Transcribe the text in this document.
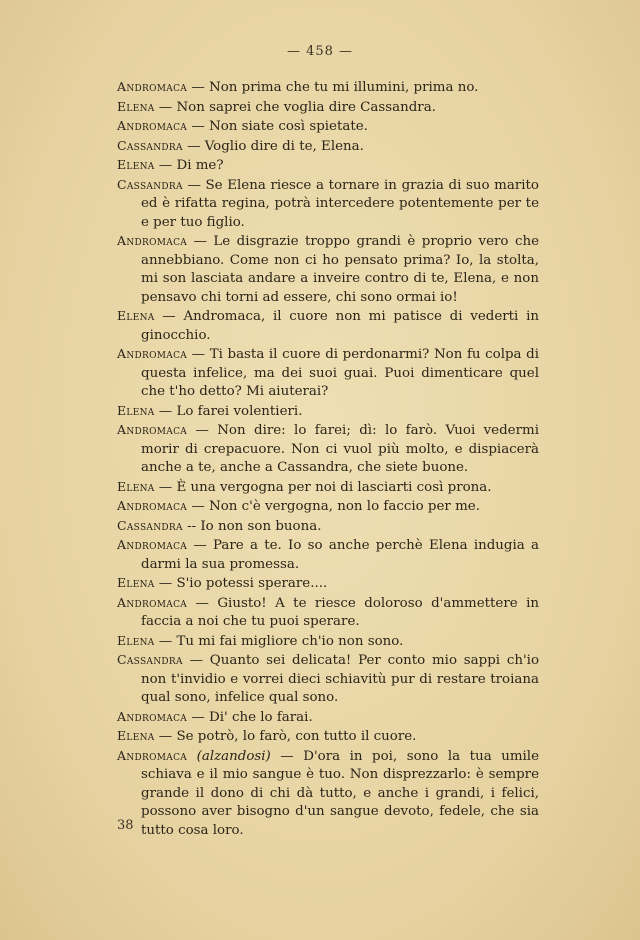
— 458 —
Andromaca — Non prima che tu mi illumini, prima no.
Elena — Non saprei che voglia dire Cassandra.
Andromaca — Non siate così spietate.
Cassandra — Voglio dire di te, Elena.
Elena — Di me?
Cassandra — Se Elena riesce a tornare in grazia di suo marito ed è rifatta regina, potrà intercedere potentemente per te e per tuo figlio.
Andromaca — Le disgrazie troppo grandi è proprio vero che annebbiano. Come non ci ho pensato prima? Io, la stolta, mi son lasciata andare a inveire contro di te, Elena, e non pensavo chi torni ad essere, chi sono ormai io!
Elena — Andromaca, il cuore non mi patisce di vederti in ginocchio.
Andromaca — Ti basta il cuore di perdonarmi? Non fu colpa di questa infelice, ma dei suoi guai. Puoi dimenticare quel che t'ho detto? Mi aiuterai?
Elena — Lo farei volentieri.
Andromaca — Non dire: lo farei; dì: lo farò. Vuoi vedermi morir di crepacuore. Non ci vuol più molto, e dispiacerà anche a te, anche a Cassandra, che siete buone.
Elena — È una vergogna per noi di lasciarti così prona.
Andromaca — Non c'è vergogna, non lo faccio per me.
Cassandra -- Io non son buona.
Andromaca — Pare a te. Io so anche perchè Elena indugia a darmi la sua promessa.
Elena — S'io potessi sperare....
Andromaca — Giusto! A te riesce doloroso d'ammettere in faccia a noi che tu puoi sperare.
Elena — Tu mi fai migliore ch'io non sono.
Cassandra — Quanto sei delicata! Per conto mio sappi ch'io non t'invidio e vorrei dieci schiavitù pur di restare troiana qual sono, infelice qual sono.
Andromaca — Di' che lo farai.
Elena — Se potrò, lo farò, con tutto il cuore.
Andromaca (alzandosi) — D'ora in poi, sono la tua umile schiava e il mio sangue è tuo. Non disprezzarlo: è sempre grande il dono di chi dà tutto, e anche i grandi, i felici, possono aver bisogno d'un sangue devoto, fedele, che sia tutto cosa loro.
38
